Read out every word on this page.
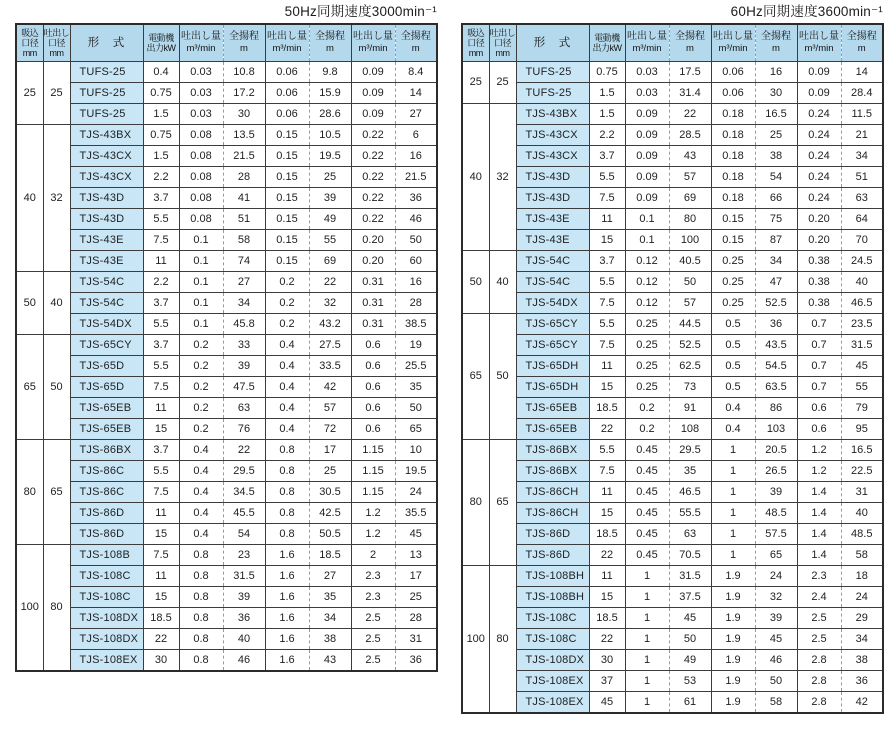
50Hz同期速度3000min⁻¹
吸込
口径
mm

吐出し
口径
mm

形　式	電動機
出力kW

吐出し量
m³/min

全揚程
m

吐出し量
m³/min

全揚程
m

吐出し量
m³/min

全揚程
m

25	25	TUFS-25	0.4	0.03	10.8	0.06	9.8	0.09	8.4
		TUFS-25	0.75	0.03	17.2	0.06	15.9	0.09	14
		TUFS-25	1.5	0.03	30	0.06	28.6	0.09	27
40	32	TJS-43BX	0.75	0.08	13.5	0.15	10.5	0.22	6
		TJS-43CX	1.5	0.08	21.5	0.15	19.5	0.22	16
		TJS-43CX	2.2	0.08	28	0.15	25	0.22	21.5
		TJS-43D	3.7	0.08	41	0.15	39	0.22	36
		TJS-43D	5.5	0.08	51	0.15	49	0.22	46
		TJS-43E	7.5	0.1	58	0.15	55	0.20	50
		TJS-43E	11	0.1	74	0.15	69	0.20	60
50	40	TJS-54C	2.2	0.1	27	0.2	22	0.31	16
		TJS-54C	3.7	0.1	34	0.2	32	0.31	28
		TJS-54DX	5.5	0.1	45.8	0.2	43.2	0.31	38.5
65	50	TJS-65CY	3.7	0.2	33	0.4	27.5	0.6	19
		TJS-65D	5.5	0.2	39	0.4	33.5	0.6	25.5
		TJS-65D	7.5	0.2	47.5	0.4	42	0.6	35
		TJS-65EB	11	0.2	63	0.4	57	0.6	50
		TJS-65EB	15	0.2	76	0.4	72	0.6	65
80	65	TJS-86BX	3.7	0.4	22	0.8	17	1.15	10
		TJS-86C	5.5	0.4	29.5	0.8	25	1.15	19.5
		TJS-86C	7.5	0.4	34.5	0.8	30.5	1.15	24
		TJS-86D	11	0.4	45.5	0.8	42.5	1.2	35.5
		TJS-86D	15	0.4	54	0.8	50.5	1.2	45
100	80	TJS-108B	7.5	0.8	23	1.6	18.5	2	13
		TJS-108C	11	0.8	31.5	1.6	27	2.3	17
		TJS-108C	15	0.8	39	1.6	35	2.3	25
		TJS-108DX	18.5	0.8	36	1.6	34	2.5	28
		TJS-108DX	22	0.8	40	1.6	38	2.5	31
		TJS-108EX	30	0.8	46	1.6	43	2.5	36
60Hz同期速度3600min⁻¹
吸込
口径
mm

吐出し
口径
mm

形　式	電動機
出力kW

吐出し量
m³/min

全揚程
m

吐出し量
m³/min

全揚程
m

吐出し量
m³/min

全揚程
m

25	25	TUFS-25	0.75	0.03	17.5	0.06	16	0.09	14
		TUFS-25	1.5	0.03	31.4	0.06	30	0.09	28.4
40	32	TJS-43BX	1.5	0.09	22	0.18	16.5	0.24	11.5
		TJS-43CX	2.2	0.09	28.5	0.18	25	0.24	21
		TJS-43CX	3.7	0.09	43	0.18	38	0.24	34
		TJS-43D	5.5	0.09	57	0.18	54	0.24	51
		TJS-43D	7.5	0.09	69	0.18	66	0.24	63
		TJS-43E	11	0.1	80	0.15	75	0.20	64
		TJS-43E	15	0.1	100	0.15	87	0.20	70
50	40	TJS-54C	3.7	0.12	40.5	0.25	34	0.38	24.5
		TJS-54C	5.5	0.12	50	0.25	47	0.38	40
		TJS-54DX	7.5	0.12	57	0.25	52.5	0.38	46.5
65	50	TJS-65CY	5.5	0.25	44.5	0.5	36	0.7	23.5
		TJS-65CY	7.5	0.25	52.5	0.5	43.5	0.7	31.5
		TJS-65DH	11	0.25	62.5	0.5	54.5	0.7	45
		TJS-65DH	15	0.25	73	0.5	63.5	0.7	55
		TJS-65EB	18.5	0.2	91	0.4	86	0.6	79
		TJS-65EB	22	0.2	108	0.4	103	0.6	95
80	65	TJS-86BX	5.5	0.45	29.5	1	20.5	1.2	16.5
		TJS-86BX	7.5	0.45	35	1	26.5	1.2	22.5
		TJS-86CH	11	0.45	46.5	1	39	1.4	31
		TJS-86CH	15	0.45	55.5	1	48.5	1.4	40
		TJS-86D	18.5	0.45	63	1	57.5	1.4	48.5
		TJS-86D	22	0.45	70.5	1	65	1.4	58
100	80	TJS-108BH	11	1	31.5	1.9	24	2.3	18
		TJS-108BH	15	1	37.5	1.9	32	2.4	24
		TJS-108C	18.5	1	45	1.9	39	2.5	29
		TJS-108C	22	1	50	1.9	45	2.5	34
		TJS-108DX	30	1	49	1.9	46	2.8	38
		TJS-108EX	37	1	53	1.9	50	2.8	36
		TJS-108EX	45	1	61	1.9	58	2.8	42
